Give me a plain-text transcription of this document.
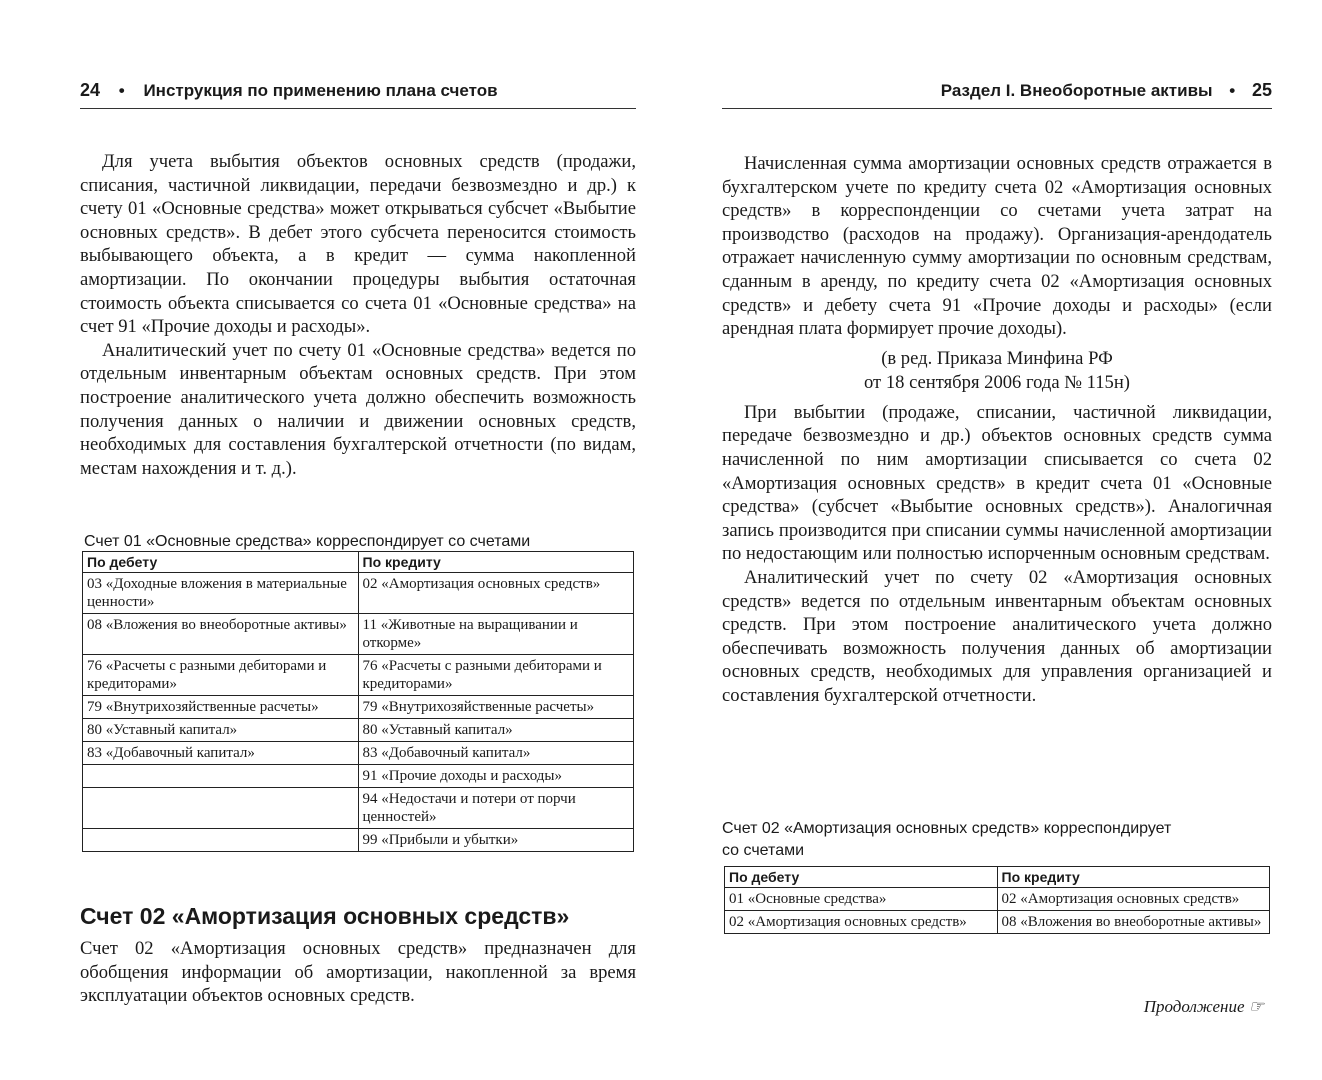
24 • Инструкция по применению плана счетов

Для учета выбытия объектов основных средств (продажи, списания, частичной ликвидации, передачи безвозмездно и др.) к счету 01 «Основные средства» может открываться субсчет «Выбытие основных средств». В дебет этого субсчета переносится стоимость выбывающего объекта, а в кредит — сумма накопленной амортизации. По окончании процедуры выбытия остаточная стоимость объекта списывается со счета 01 «Основные средства» на счет 91 «Прочие доходы и расходы».

Аналитический учет по счету 01 «Основные средства» ведется по отдельным инвентарным объектам основных средств. При этом построение аналитического учета должно обеспечить возможность получения данных о наличии и движении основных средств, необходимых для составления бухгалтерской отчетности (по видам, местам нахождения и т. д.).

Счет 01 «Основные средства» корреспондирует со счетами
По дебету	По кредиту
03 «Доходные вложения в материальные ценности»	02 «Амортизация основных средств»
08 «Вложения во внеоборотные активы»	11 «Животные на выращивании и откорме»
76 «Расчеты с разными дебиторами и кредиторами»	76 «Расчеты с разными дебиторами и кредиторами»
79 «Внутрихозяйственные расчеты»	79 «Внутрихозяйственные расчеты»
80 «Уставный капитал»	80 «Уставный капитал»
83 «Добавочный капитал»	83 «Добавочный капитал»
	91 «Прочие доходы и расходы»
	94 «Недостачи и потери от порчи ценностей»
	99 «Прибыли и убытки»
Счет 02 «Амортизация основных средств»

Счет 02 «Амортизация основных средств» предназначен для обобщения информации об амортизации, накопленной за время эксплуатации объектов основных средств.

Раздел I. Внеоборотные активы • 25

Начисленная сумма амортизации основных средств отражается в бухгалтерском учете по кредиту счета 02 «Амортизация основных средств» в корреспонденции со счетами учета затрат на производство (расходов на продажу). Организация-арендодатель отражает начисленную сумму амортизации по основным средствам, сданным в аренду, по кредиту счета 02 «Амортизация основных средств» и дебету счета 91 «Прочие доходы и расходы» (если арендная плата формирует прочие доходы).

(в ред. Приказа Минфина РФ
от 18 сентября 2006 года № 115н)

При выбытии (продаже, списании, частичной ликвидации, передаче безвозмездно и др.) объектов основных средств сумма начисленной по ним амортизации списывается со счета 02 «Амортизация основных средств» в кредит счета 01 «Основные средства» (субсчет «Выбытие основных средств»). Аналогичная запись производится при списании суммы начисленной амортизации по недостающим или полностью испорченным основным средствам.

Аналитический учет по счету 02 «Амортизация основных средств» ведется по отдельным инвентарным объектам основных средств. При этом построение аналитического учета должно обеспечивать возможность получения данных об амортизации основных средств, необходимых для управления организацией и составления бухгалтерской отчетности.

Счет 02 «Амортизация основных средств» корреспондирует
со счетами
По дебету	По кредиту
01 «Основные средства»	02 «Амортизация основных средств»
02 «Амортизация основных средств»	08 «Вложения во внеоборотные активы»
Продолжение ☞
